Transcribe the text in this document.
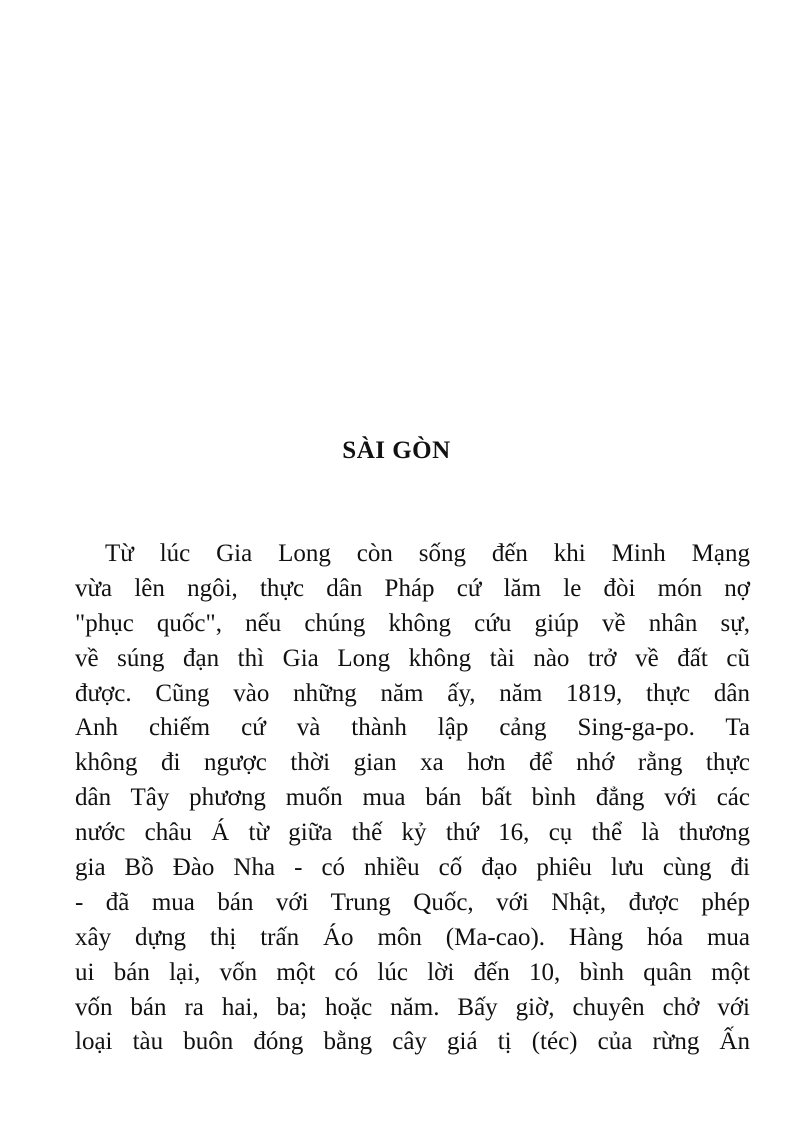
SÀI GÒN
Từ lúc Gia Long còn sống đến khi Minh Mạng
vừa lên ngôi, thực dân Pháp cứ lăm le đòi món nợ
"phục quốc", nếu chúng không cứu giúp về nhân sự,
về súng đạn thì Gia Long không tài nào trở về đất cũ
được. Cũng vào những năm ấy, năm 1819, thực dân
Anh chiếm cứ và thành lập cảng Sing-ga-po. Ta
không đi ngược thời gian xa hơn để nhớ rằng thực
dân Tây phương muốn mua bán bất bình đẳng với các
nước châu Á từ giữa thế kỷ thứ 16, cụ thể là thương
gia Bồ Đào Nha - có nhiều cố đạo phiêu lưu cùng đi
- đã mua bán với Trung Quốc, với Nhật, được phép
xây dựng thị trấn Áo môn (Ma-cao). Hàng hóa mua
ui bán lại, vốn một có lúc lời đến 10, bình quân một
vốn bán ra hai, ba; hoặc năm. Bấy giờ, chuyên chở với
loại tàu buôn đóng bằng cây giá tị (téc) của rừng Ấn
